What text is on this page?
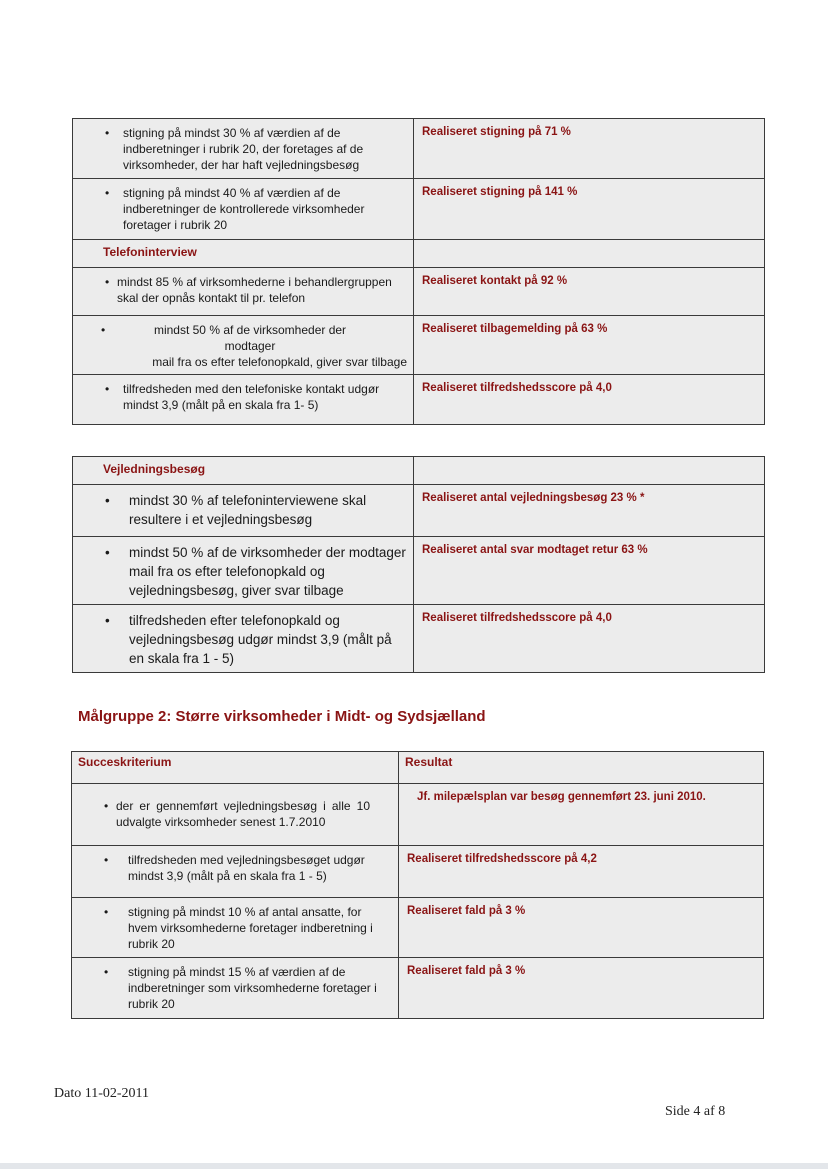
• stigning på mindst 30 % af værdien af de indberetninger i rubrik 20, der foretages af de virksomheder, der har haft vejledningsbesøg	Realiseret stigning på 71 %

• stigning på mindst 40 % af værdien af de indberetninger de kontrollerede virksomheder foretager i rubrik 20	Realiseret stigning på 141 %
Telefoninterview	

• mindst 85 % af virksomhederne i behandlergruppen skal der opnås kontakt til pr. telefon	Realiseret kontakt på 92 %

• mindst 50 % af de virksomheder der
modtager
mail fra os efter telefonopkald, giver svar tilbage	Realiseret tilbagemelding på 63 %

• tilfredsheden med den telefoniske kontakt udgør mindst 3,9 (målt på en skala fra 1- 5)	Realiseret tilfredshedsscore på 4,0
Vejledningsbesøg	

• mindst 30 % af telefoninterviewene skal resultere i et vejledningsbesøg	Realiseret antal vejledningsbesøg 23 % *

• mindst 50 % af de virksomheder der modtager mail fra os efter telefonopkald og vejledningsbesøg, giver svar tilbage	Realiseret antal svar modtaget retur 63 %

• tilfredsheden efter telefonopkald og vejledningsbesøg udgør mindst 3,9 (målt på en skala fra 1 - 5)	Realiseret tilfredshedsscore på 4,0
Målgruppe 2: Større virksomheder i Midt- og Sydsjælland
Succeskriterium	Resultat

• der er gennemført vejledningsbesøg i alle 10 udvalgte virksomheder senest 1.7.2010	Jf. milepælsplan var besøg gennemført 23. juni 2010.

• tilfredsheden med vejledningsbesøget udgør mindst 3,9 (målt på en skala fra 1 - 5)	Realiseret tilfredshedsscore på 4,2

• stigning på mindst 10 % af antal ansatte, for hvem virksomhederne foretager indberetning i rubrik 20	Realiseret fald på 3 %

• stigning på mindst 15 % af værdien af de indberetninger som virksomhederne foretager i rubrik 20	Realiseret fald på 3 %
Dato 11-02-2011
Side 4 af 8
